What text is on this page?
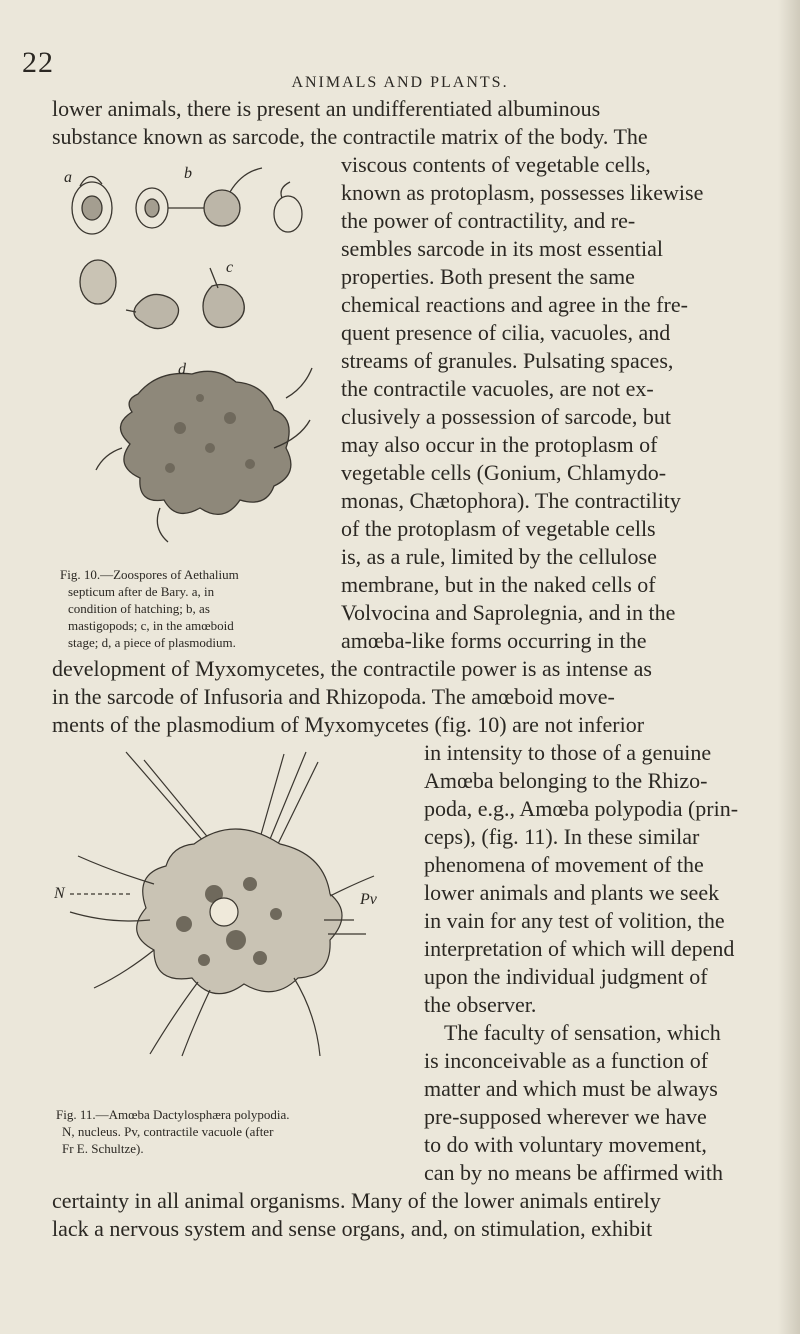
22
ANIMALS AND PLANTS.
lower animals, there is present an undifferentiated albuminous
substance known as sarcode, the contractile matrix of the body. The
viscous contents of vegetable cells,
known as protoplasm, possesses likewise
the power of contractility, and re-
sembles sarcode in its most essential
properties. Both present the same
chemical reactions and agree in the fre-
quent presence of cilia, vacuoles, and
streams of granules. Pulsating spaces,
the contractile vacuoles, are not ex-
clusively a possession of sarcode, but
may also occur in the protoplasm of
vegetable cells (Gonium, Chlamydo-
monas, Chætophora). The contractility
of the protoplasm of vegetable cells
is, as a rule, limited by the cellulose
membrane, but in the naked cells of
Volvocina and Saprolegnia, and in the
amœba-like forms occurring in the
development of Myxomycetes, the contractile power is as intense as
in the sarcode of Infusoria and Rhizopoda. The amœboid move-
ments of the plasmodium of Myxomycetes (fig. 10) are not inferior
in intensity to those of a genuine
Amœba belonging to the Rhizo-
poda, e.g., Amœba polypodia (prin-
ceps), (fig. 11). In these similar
phenomena of movement of the
lower animals and plants we seek
in vain for any test of volition, the
interpretation of which will depend
upon the individual judgment of
the observer.
The faculty of sensation, which
is inconceivable as a function of
matter and which must be always
pre-supposed wherever we have
to do with voluntary movement,
can by no means be affirmed with
certainty in all animal organisms. Many of the lower animals entirely
lack a nervous system and sense organs, and, on stimulation, exhibit
a	b
c
d
Fig. 10.—Zoospores of Aethalium
septicum after de Bary. a, in
condition of hatching; b, as
mastigopods; c, in the amœboid
stage; d, a piece of plasmodium.
N	Pv
Fig. 11.—Amœba Dactylosphæra polypodia.
N, nucleus. Pv, contractile vacuole (after
Fr E. Schultze).
